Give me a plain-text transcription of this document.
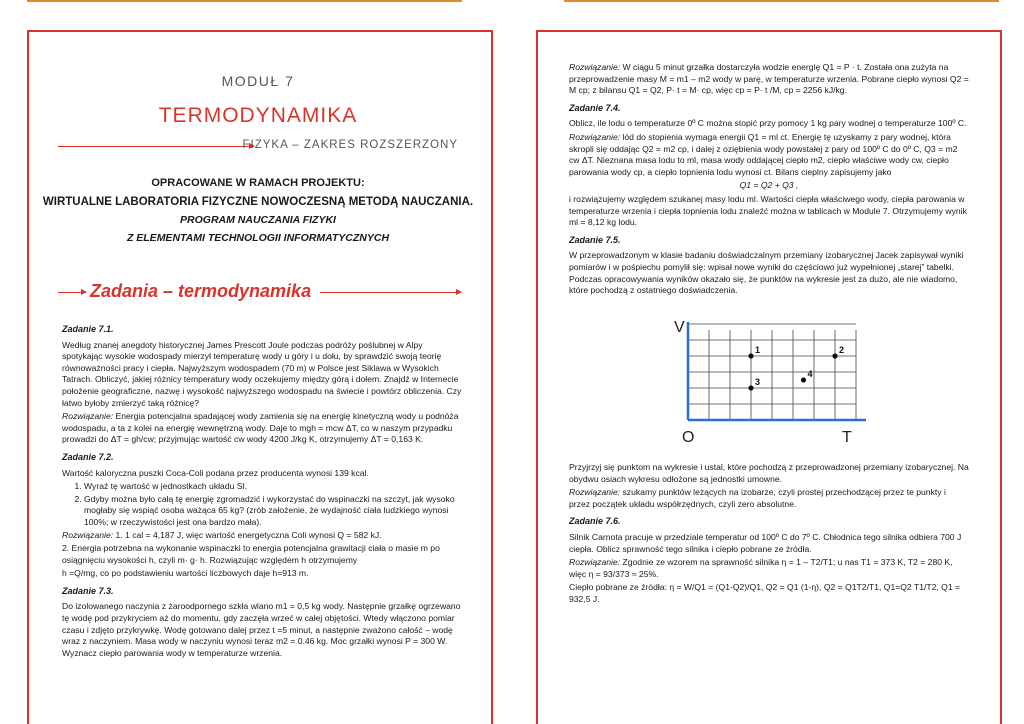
MODUŁ 7
TERMODYNAMIKA
FIZYKA – ZAKRES ROZSZERZONY
OPRACOWANE W RAMACH PROJEKTU:
WIRTUALNE LABORATORIA FIZYCZNE NOWOCZESNĄ METODĄ NAUCZANIA.
PROGRAM NAUCZANIA FIZYKI
Z ELEMENTAMI TECHNOLOGII INFORMATYCZNYCH
Zadania – termodynamika

Zadanie 7.1.

Według znanej anegdoty historycznej James Prescott Joule podczas podróży poślubnej w Alpy spotykając wysokie wodospady mierzył temperaturę wody u góry i u dołu, by sprawdzić swoją teorię równoważności pracy i ciepła. Najwyższym wodospadem (70 m) w Polsce jest Siklawa w Wysokich Tatrach. Obliczyć, jakiej różnicy temperatury wody oczekujemy między górą i dołem. Znajdź w Internecie położenie geograficzne, nazwę i wysokość najwyższego wodospadu na świecie i powtórz obliczenia. Czy łatwo byłoby zmierzyć taką różnicę?

Rozwiązanie: Energia potencjalna spadającej wody zamienia się na energię kinetyczną wody u podnóża wodospadu, a ta z kolei na energię wewnętrzną wody. Daje to mgh = mcw ΔT, co w naszym przypadku prowadzi do ΔT = gh/cw; przyjmując wartość cw wody 4200 J/kg K, otrzymujemy ΔT = 0,163 K.

Zadanie 7.2.

Wartość kaloryczna puszki Coca-Coli podana przez producenta wynosi 139 kcal.

1. Wyraź tę wartość w jednostkach układu SI.
2. Gdyby można było całą tę energię zgromadzić i wykorzystać do wspinaczki na szczyt, jak wysoko mogłaby się wspiąć osoba ważąca 65 kg? (zrób założenie, że wydajność ciała ludzkiego wynosi 100%; w rzeczywistości jest ona bardzo mała).

Rozwiązanie: 1. 1 cal = 4,187 J, więc wartość energetyczna Coli wynosi Q = 582 kJ.

2. Energia potrzebna na wykonanie wspinaczki to energia potencjalna grawitacji ciała o masie m po osiągnięciu wysokości h, czyli m· g· h. Rozwiązując względem h otrzymujemy

h =Q/mg, co po podstawieniu wartości liczbowych daje h=913 m.

Zadanie 7.3.

Do izolowanego naczynia z żaroodpornego szkła wlano m1 = 0,5 kg wody. Następnie grzałkę ogrzewano tę wodę pod przykryciem aż do momentu, gdy zaczęła wrzeć w całej objętości. Wtedy włączono pomiar czasu i zdjęto przykrywkę. Wodę gotowano dalej przez t =5 minut, a następnie zważono całość – wodę wraz z naczyniem. Masa wody w naczyniu wynosi teraz m2 = 0.46 kg. Moc grzałki wynosi P = 300 W. Wyznacz ciepło parowania wody w temperaturze wrzenia.

Rozwiązanie: W ciągu 5 minut grzałka dostarczyła wodzie energię Q1 = P · t. Została ona zużyta na przeprowadzenie masy M = m1 – m2 wody w parę, w temperaturze wrzenia. Pobrane ciepło wynosi Q2 = M cp; z bilansu Q1 = Q2, P· t = M· cp, więc cp = P· t /M, cp = 2256 kJ/kg.

Zadanie 7.4.

Oblicz, ile lodu o temperaturze 0º C można stopić przy pomocy 1 kg pary wodnej o temperaturze 100º C.

Rozwiązanie: lód do stopienia wymaga energii Q1 = ml ct. Energię tę uzyskamy z pary wodnej, która skropli się oddając Q2 = m2 cp, i dalej z oziębienia wody powstałej z pary od 100º C do 0º C, Q3 = m2 cw ΔT. Nieznana masa lodu to ml, masa wody oddającej ciepło m2, ciepło właściwe wody cw, ciepło parowania wody cp, a ciepło topnienia lodu wynosi ct. Bilans cieplny zapisujemy jako

Q1 = Q2 + Q3 ,

i rozwiązujemy względem szukanej masy lodu ml. Wartości ciepła właściwego wody, ciepła parowania w temperaturze wrzenia i ciepła topnienia lodu znaleźć można w tablicach w Module 7. Otrzymujemy wynik ml = 8,12 kg lodu.

Zadanie 7.5.

W przeprowadzonym w klasie badaniu doświadczalnym przemiany izobarycznej Jacek zapisywał wyniki pomiarów i w pośpiechu pomylił się: wpisał nowe wyniki do częściowo już wypełnionej „starej” tabelki. Podczas opracowywania wyników okazało się, że punktów na wykresie jest za dużo, ale nie wiadomo, które pochodzą z ostatniego doświadczenia.

V
T
O
1	2
3
4

Przyjrzyj się punktom na wykresie i ustal, które pochodzą z przeprowadzonej przemiany izobarycznej. Na obydwu osiach wykresu odłożone są jednostki umowne.

Rozwiązanie: szukamy punktów leżących na izobarze, czyli prostej przechodzącej przez te punkty i przez początek układu współrzędnych, czyli zero absolutne.

Zadanie 7.6.

Silnik Carnota pracuje w przedziale temperatur od 100º C do 7º C. Chłodnica tego silnika odbiera 700 J ciepła. Oblicz sprawność tego silnika i ciepło pobrane ze źródła.

Rozwiązanie: Zgodnie ze wzorem na sprawność silnika η = 1 – T2/T1; u nas T1 = 373 K, T2 = 280 K, więc η = 93/373 ≈ 25%.

Ciepło pobrane ze źródła: η = W/Q1 = (Q1-Q2)/Q1, Q2 = Q1 (1-η), Q2 = Q1T2/T1, Q1=Q2 T1/T2, Q1 = 932,5 J.
